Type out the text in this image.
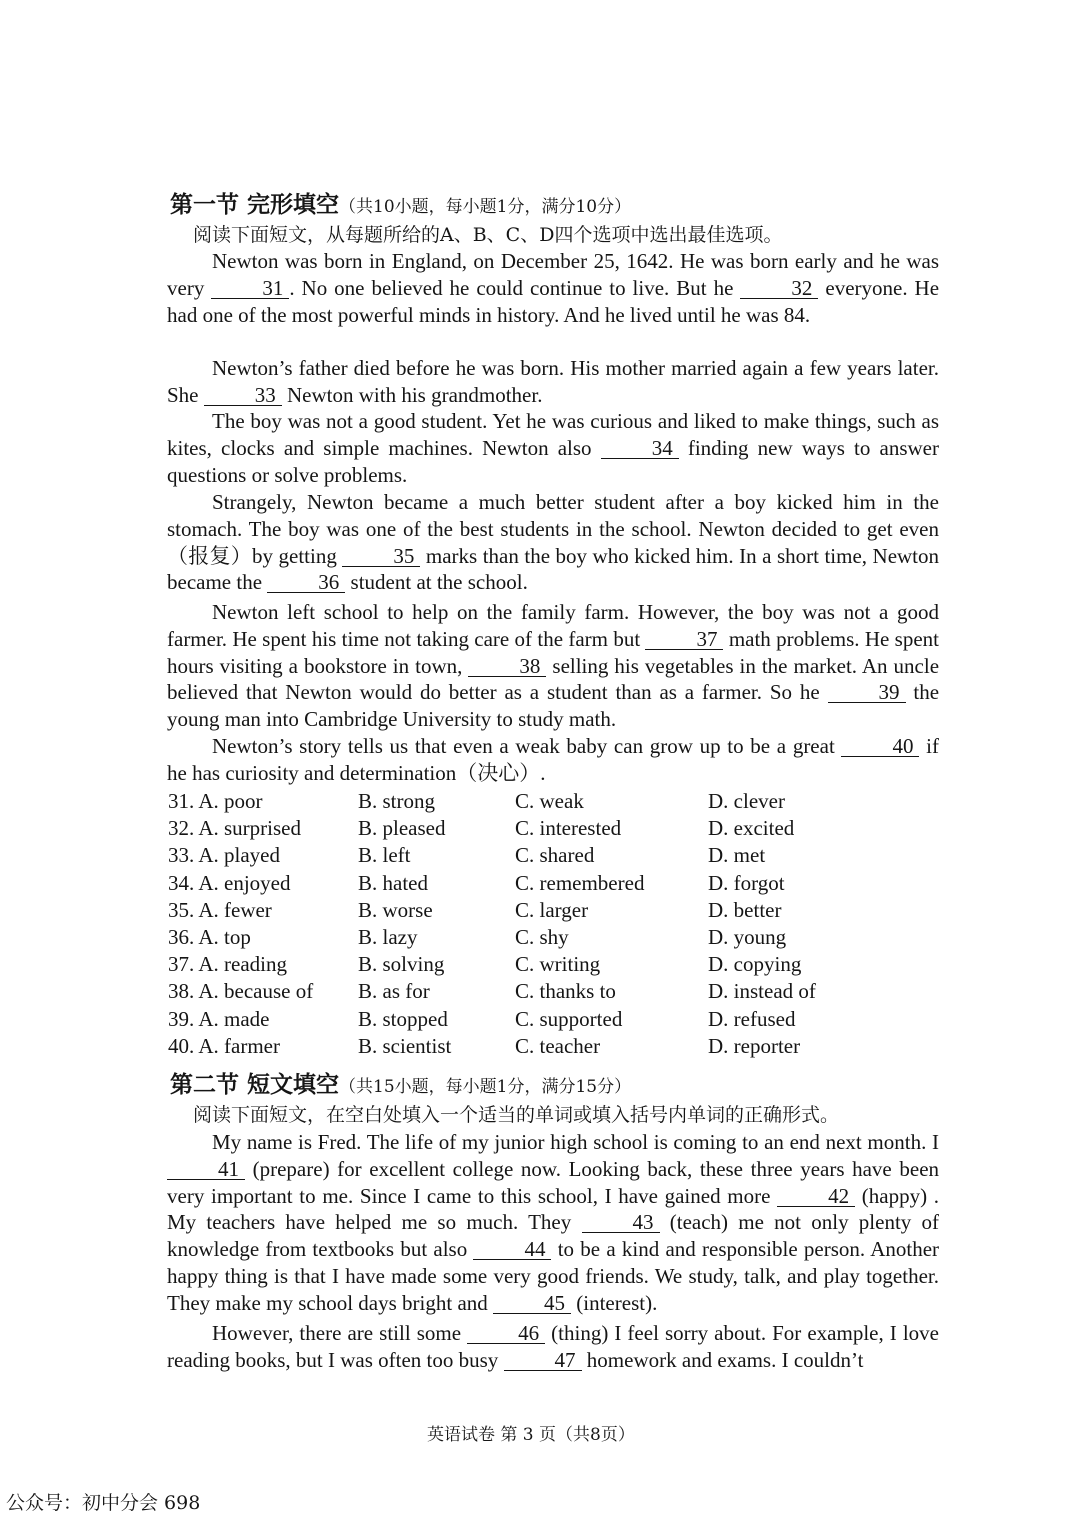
第一节 完形填空（共10小题，每小题1分，满分10分）
阅读下面短文，从每题所给的A、B、C、D四个选项中选出最佳选项。
Newton was born in England, on December 25, 1642. He was born early and he was very	31 . No one believed he could continue to live. But he	32 everyone. He had one of the most powerful minds in history. And he lived until he was 84.
Newton’s father died before he was born. His mother married again a few years later. She	33 Newton with his grandmother.
The boy was not a good student. Yet he was curious and liked to make things, such as kites, clocks and simple machines. Newton also	34 finding new ways to answer questions or solve problems.
Strangely, Newton became a much better student after a boy kicked him in the stomach. The boy was one of the best students in the school. Newton decided to get even（报复）by getting	35 marks than the boy who kicked him. In a short time, Newton became the	36 student at the school.
Newton left school to help on the family farm. However, the boy was not a good farmer. He spent his time not taking care of the farm but	37 math problems. He spent hours visiting a bookstore in town,	38 selling his vegetables in the market. An uncle believed that Newton would do better as a student than as a farmer. So he	39 the young man into Cambridge University to study math.
Newton’s story tells us that even a weak baby can grow up to be a great	40 if he has curiosity and determination（决心）.
31. A. poor	B. strong	C. weak	D. clever
32. A. surprised	B. pleased	C. interested	D. excited
33. A. played	B. left	C. shared	D. met
34. A. enjoyed	B. hated	C. remembered	D. forgot
35. A. fewer	B. worse	C. larger	D. better
36. A. top	B. lazy	C. shy	D. young
37. A. reading	B. solving	C. writing	D. copying
38. A. because of B. as for	C. thanks to	D. instead of
39. A. made	B. stopped	C. supported	D. refused
40. A. farmer	B. scientist	C. teacher	D. reporter
第二节 短文填空（共15小题，每小题1分，满分15分）
阅读下面短文，在空白处填入一个适当的单词或填入括号内单词的正确形式。
My name is Fred. The life of my junior high school is coming to an end next month. I 41 (prepare) for excellent college now. Looking back, these three years have been very important to me. Since I came to this school, I have gained more	42 (happy) . My teachers have helped me so much. They	43 (teach) me not only plenty of knowledge from textbooks but also	44 to be a kind and responsible person. Another happy thing is that I have made some very good friends. We study, talk, and play together. They make my school days bright and	45 (interest).
However, there are still some	46 (thing) I feel sorry about. For example, I love reading books, but I was often too busy	47 homework and exams. I couldn’t
英语试卷 第 3 页（共8页）
公众号：初中分会 698
